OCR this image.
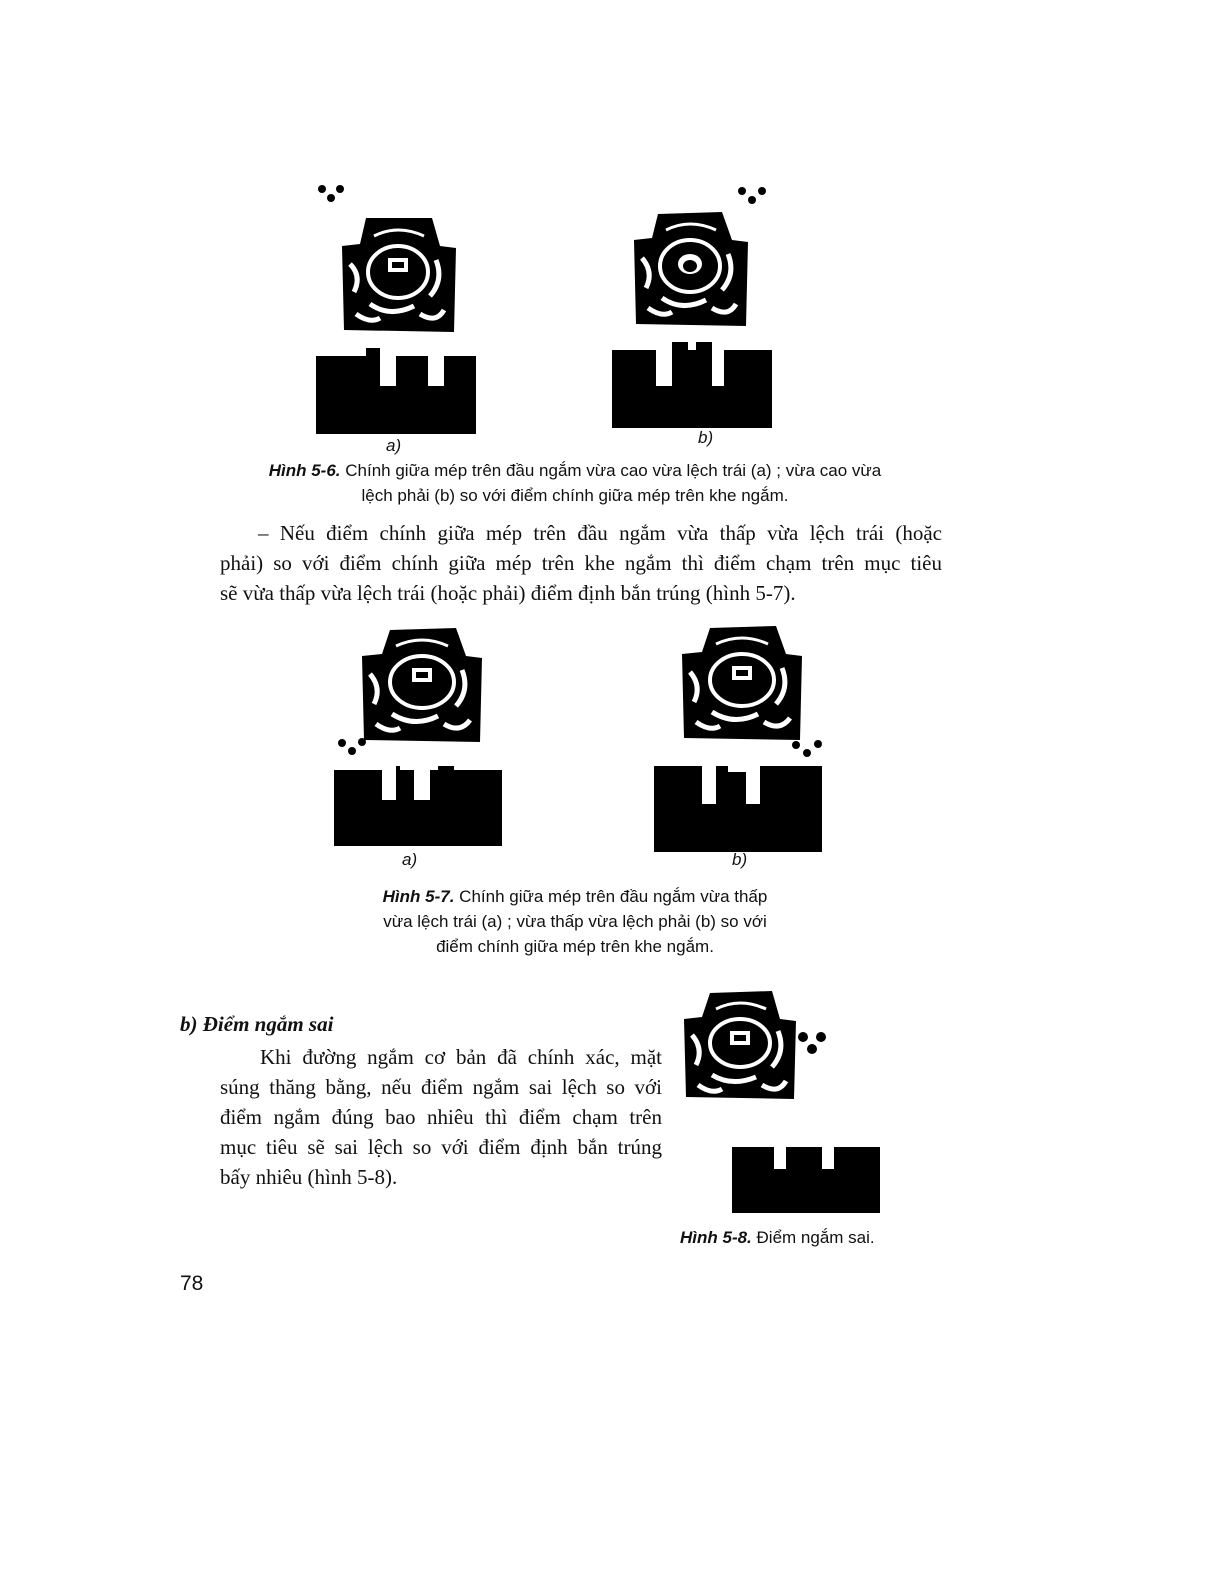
a)	b)
Hình 5-6. Chính giữa mép trên đầu ngắm vừa cao vừa lệch trái (a) ; vừa cao vừa
lệch phải (b) so với điểm chính giữa mép trên khe ngắm.
– Nếu điểm chính giữa mép trên đầu ngắm vừa thấp vừa lệch trái (hoặc
phải) so với điểm chính giữa mép trên khe ngắm thì điểm chạm trên mục tiêu
sẽ vừa thấp vừa lệch trái (hoặc phải) điểm định bắn trúng (hình 5-7).
a)	b)
Hình 5-7. Chính giữa mép trên đầu ngắm vừa thấp
vừa lệch trái (a) ; vừa thấp vừa lệch phải (b) so với
điểm chính giữa mép trên khe ngắm.
b) Điểm ngắm sai
Khi đường ngắm cơ bản đã chính xác, mặt
súng thăng bằng, nếu điểm ngắm sai lệch so với
điểm ngắm đúng bao nhiêu thì điểm chạm trên
mục tiêu sẽ sai lệch so với điểm định bắn trúng
bấy nhiêu (hình 5-8).
Hình 5-8. Điểm ngắm sai.
78
